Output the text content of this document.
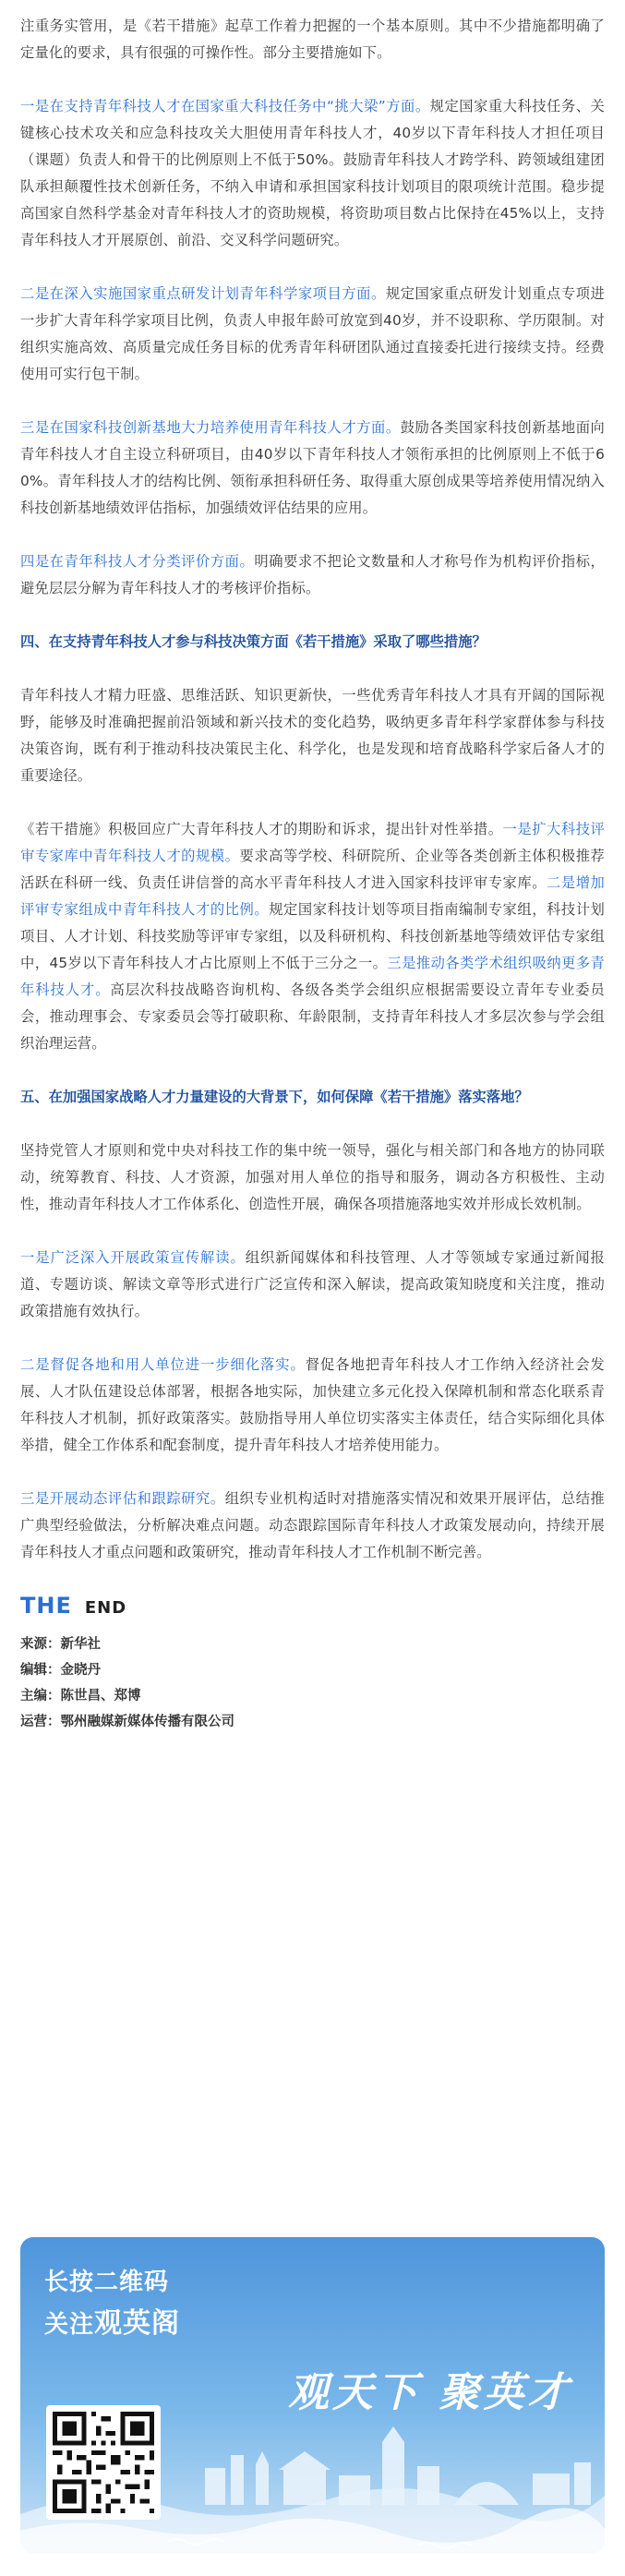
注重务实管用，是《若干措施》起草工作着力把握的一个基本原则。其中不少措施都明确了定量化的要求，具有很强的可操作性。部分主要措施如下。

一是在支持青年科技人才在国家重大科技任务中“挑大梁”方面。规定国家重大科技任务、关键核心技术攻关和应急科技攻关大胆使用青年科技人才，40岁以下青年科技人才担任项目（课题）负责人和骨干的比例原则上不低于50%。鼓励青年科技人才跨学科、跨领域组建团队承担颠覆性技术创新任务，不纳入申请和承担国家科技计划项目的限项统计范围。稳步提高国家自然科学基金对青年科技人才的资助规模，将资助项目数占比保持在45%以上，支持青年科技人才开展原创、前沿、交叉科学问题研究。

二是在深入实施国家重点研发计划青年科学家项目方面。规定国家重点研发计划重点专项进一步扩大青年科学家项目比例，负责人申报年龄可放宽到40岁，并不设职称、学历限制。对组织实施高效、高质量完成任务目标的优秀青年科研团队通过直接委托进行接续支持。经费使用可实行包干制。

三是在国家科技创新基地大力培养使用青年科技人才方面。鼓励各类国家科技创新基地面向青年科技人才自主设立科研项目，由40岁以下青年科技人才领衔承担的比例原则上不低于60%。青年科技人才的结构比例、领衔承担科研任务、取得重大原创成果等培养使用情况纳入科技创新基地绩效评估指标，加强绩效评估结果的应用。

四是在青年科技人才分类评价方面。明确要求不把论文数量和人才称号作为机构评价指标，避免层层分解为青年科技人才的考核评价指标。

四、在支持青年科技人才参与科技决策方面《若干措施》采取了哪些措施？

青年科技人才精力旺盛、思维活跃、知识更新快，一些优秀青年科技人才具有开阔的国际视野，能够及时准确把握前沿领域和新兴技术的变化趋势，吸纳更多青年科学家群体参与科技决策咨询，既有利于推动科技决策民主化、科学化，也是发现和培育战略科学家后备人才的重要途径。

《若干措施》积极回应广大青年科技人才的期盼和诉求，提出针对性举措。一是扩大科技评审专家库中青年科技人才的规模。要求高等学校、科研院所、企业等各类创新主体积极推荐活跃在科研一线、负责任讲信誉的高水平青年科技人才进入国家科技评审专家库。二是增加评审专家组成中青年科技人才的比例。规定国家科技计划等项目指南编制专家组，科技计划项目、人才计划、科技奖励等评审专家组，以及科研机构、科技创新基地等绩效评估专家组中，45岁以下青年科技人才占比原则上不低于三分之一。三是推动各类学术组织吸纳更多青年科技人才。高层次科技战略咨询机构、各级各类学会组织应根据需要设立青年专业委员会，推动理事会、专家委员会等打破职称、年龄限制，支持青年科技人才多层次参与学会组织治理运营。

五、在加强国家战略人才力量建设的大背景下，如何保障《若干措施》落实落地？

坚持党管人才原则和党中央对科技工作的集中统一领导，强化与相关部门和各地方的协同联动，统筹教育、科技、人才资源，加强对用人单位的指导和服务，调动各方积极性、主动性，推动青年科技人才工作体系化、创造性开展，确保各项措施落地实效并形成长效机制。

一是广泛深入开展政策宣传解读。组织新闻媒体和科技管理、人才等领域专家通过新闻报道、专题访谈、解读文章等形式进行广泛宣传和深入解读，提高政策知晓度和关注度，推动政策措施有效执行。

二是督促各地和用人单位进一步细化落实。督促各地把青年科技人才工作纳入经济社会发展、人才队伍建设总体部署，根据各地实际，加快建立多元化投入保障机制和常态化联系青年科技人才机制，抓好政策落实。鼓励指导用人单位切实落实主体责任，结合实际细化具体举措，健全工作体系和配套制度，提升青年科技人才培养使用能力。

三是开展动态评估和跟踪研究。组织专业机构适时对措施落实情况和效果开展评估，总结推广典型经验做法，分析解决难点问题。动态跟踪国际青年科技人才政策发展动向，持续开展青年科技人才重点问题和政策研究，推动青年科技人才工作机制不断完善。

THE END

来源：新华社

编辑：金晓丹

主编：陈世昌、郑博

运营：鄂州融媒新媒体传播有限公司

长按二维码
关注观英阁
观天下 聚英才
